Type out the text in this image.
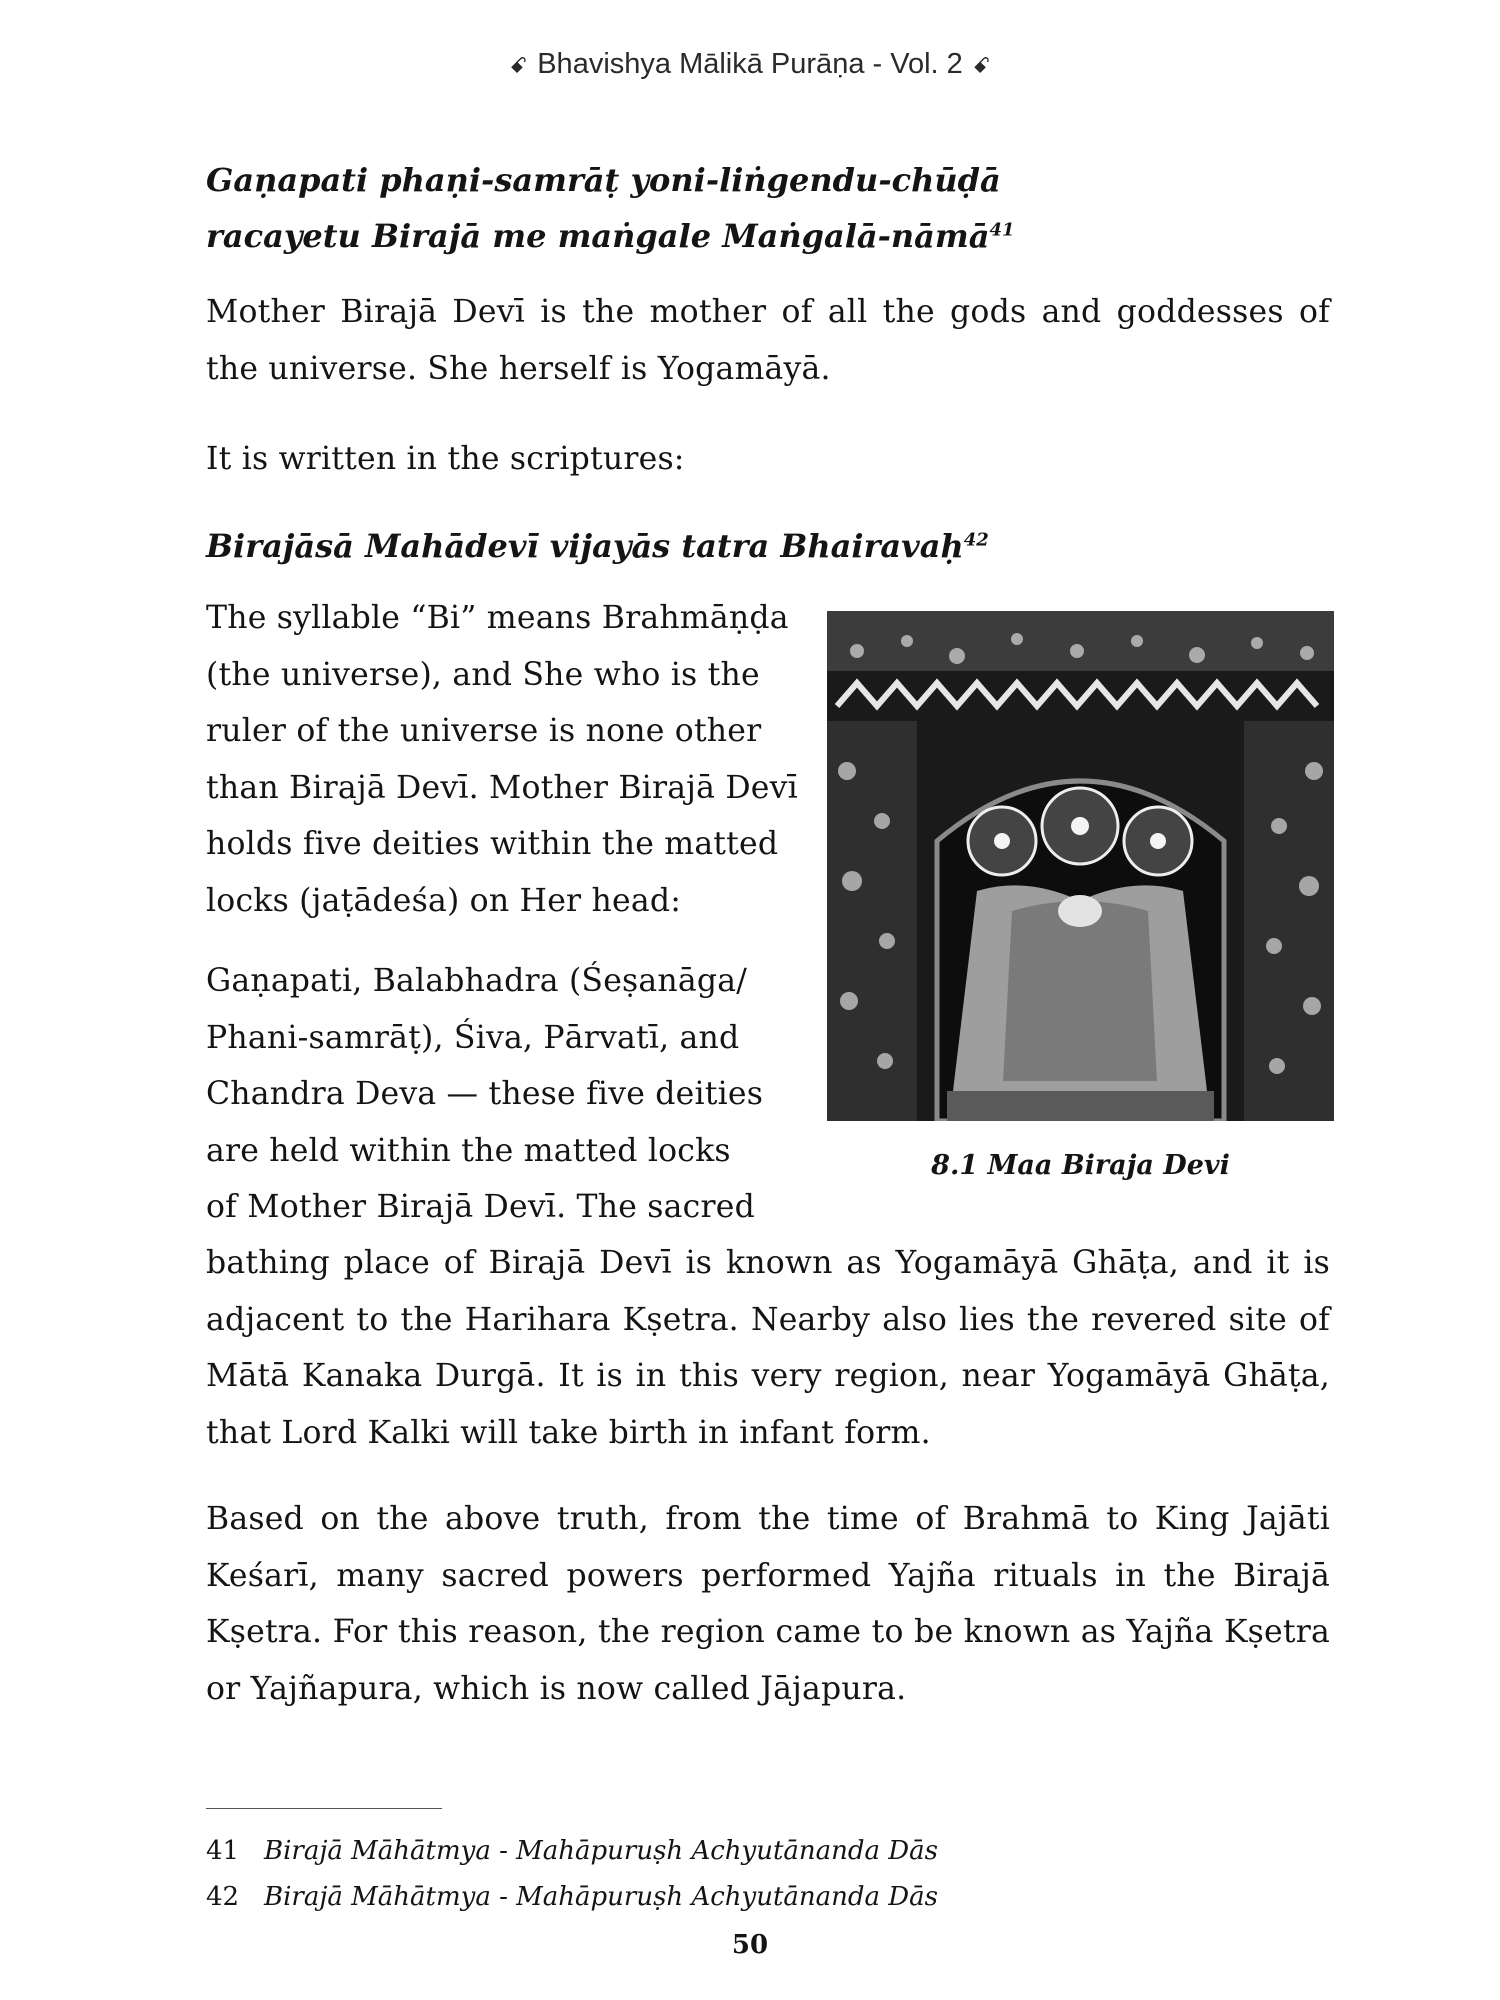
ꗃ Bhavishya Mālikā Purāṇa - Vol. 2 ꗃ

Gaṇapati phaṇi-samrāṭ yoni-liṅgendu-chūḍā

racayetu Birajā me maṅgale Maṅgalā-nāmā$^{41}$

Mother Birajā Devī is the mother of all the gods and goddesses of the universe. She herself is Yogamāyā.

It is written in the scriptures:

Birajāsā Mahādevī vijayās tatra Bhairavaḥ$^{42}$

The syllable “Bi” means Brahmāṇḍa
(the universe), and She who is the
ruler of the universe is none other
than Birajā Devī. Mother Birajā Devī
holds five deities within the matted
locks (jaṭādeśa) on Her head:
Gaṇapati, Balabhadra (Śeṣanāga/
Phani-samrāṭ), Śiva, Pārvatī, and
Chandra Deva — these five deities
are held within the matted locks
of Mother Birajā Devī. The sacred

bathing place of Birajā Devī is known as Yogamāyā Ghāṭa, and it is adjacent to the Harihara Kṣetra. Nearby also lies the revered site of Mātā Kanaka Durgā. It is in this very region, near Yogamāyā Ghāṭa, that Lord Kalki will take birth in infant form.

Based on the above truth, from the time of Brahmā to King Jajāti Keśarī, many sacred powers performed Yajña rituals in the Birajā Kṣetra. For this reason, the region came to be known as Yajña Kṣetra or Yajñapura, which is now called Jājapura.

8.1 Maa Biraja Devi
41 Birajā Māhātmya - Mahāpuruṣh Achyutānanda Dās
42 Birajā Māhātmya - Mahāpuruṣh Achyutānanda Dās
50
